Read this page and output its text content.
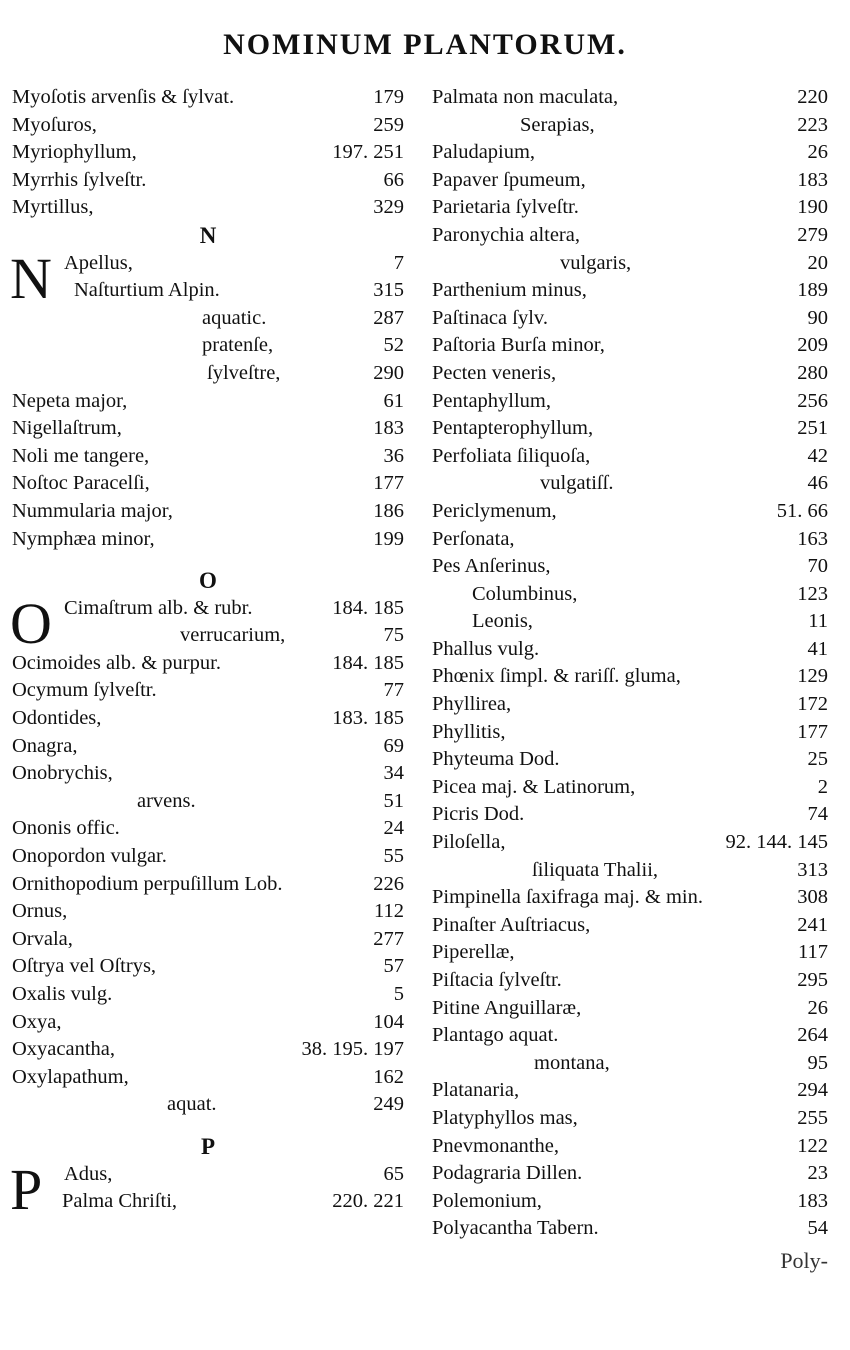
NOMINUM PLANTORUM.
Myoſotis arvenſis & ſylvat.	179
Myoſuros,	259
Myriophyllum,	197. 251
Myrrhis ſylveſtr.	66
Myrtillus,	329
N
N Apellus,	7
Naſturtium Alpin.	315
aquatic.	287
pratenſe,	52
ſylveſtre,	290
Nepeta major,	61
Nigellaſtrum,	183
Noli me tangere,	36
Noſtoc Paracelſi,	177
Nummularia major,	186
Nymphæa minor,	199
O
O Cimaſtrum alb. & rubr.	184. 185
verrucarium,	75
Ocimoides alb. & purpur.	184. 185
Ocymum ſylveſtr.	77
Odontides,	183. 185
Onagra,	69
Onobrychis,	34
arvens.	51
Ononis offic.	24
Onopordon vulgar.	55
Ornithopodium perpuſillum Lob.	226
Ornus,	112
Orvala,	277
Oſtrya vel Oſtrys,	57
Oxalis vulg.	5
Oxya,	104
Oxyacantha,	38. 195. 197
Oxylapathum,	162
aquat.	249
P
P Adus,	65
Palma Chriſti,	220. 221
Palmata non maculata,	220
Serapias,	223
Paludapium,	26
Papaver ſpumeum,	183
Parietaria ſylveſtr.	190
Paronychia altera,	279
vulgaris,	20
Parthenium minus,	189
Paſtinaca ſylv.	90
Paſtoria Burſa minor,	209
Pecten veneris,	280
Pentaphyllum,	256
Pentapterophyllum,	251
Perfoliata ſiliquoſa,	42
vulgatiſſ.	46
Periclymenum,	51. 66
Perſonata,	163
Pes Anſerinus,	70
Columbinus,	123
Leonis,	11
Phallus vulg.	41
Phœnix ſimpl. & rariſſ. gluma,	129
Phyllirea,	172
Phyllitis,	177
Phyteuma Dod.	25
Picea maj. & Latinorum,	2
Picris Dod.	74
Piloſella,	92. 144. 145
ſiliquata Thalii,	313
Pimpinella ſaxifraga maj. & min.	308
Pinaſter Auſtriacus,	241
Piperellæ,	117
Piſtacia ſylveſtr.	295
Pitine Anguillaræ,	26
Plantago aquat.	264
montana,	95
Platanaria,	294
Platyphyllos mas,	255
Pnevmonanthe,	122
Podagraria Dillen.	23
Polemonium,	183
Polyacantha Tabern.	54
Poly-
